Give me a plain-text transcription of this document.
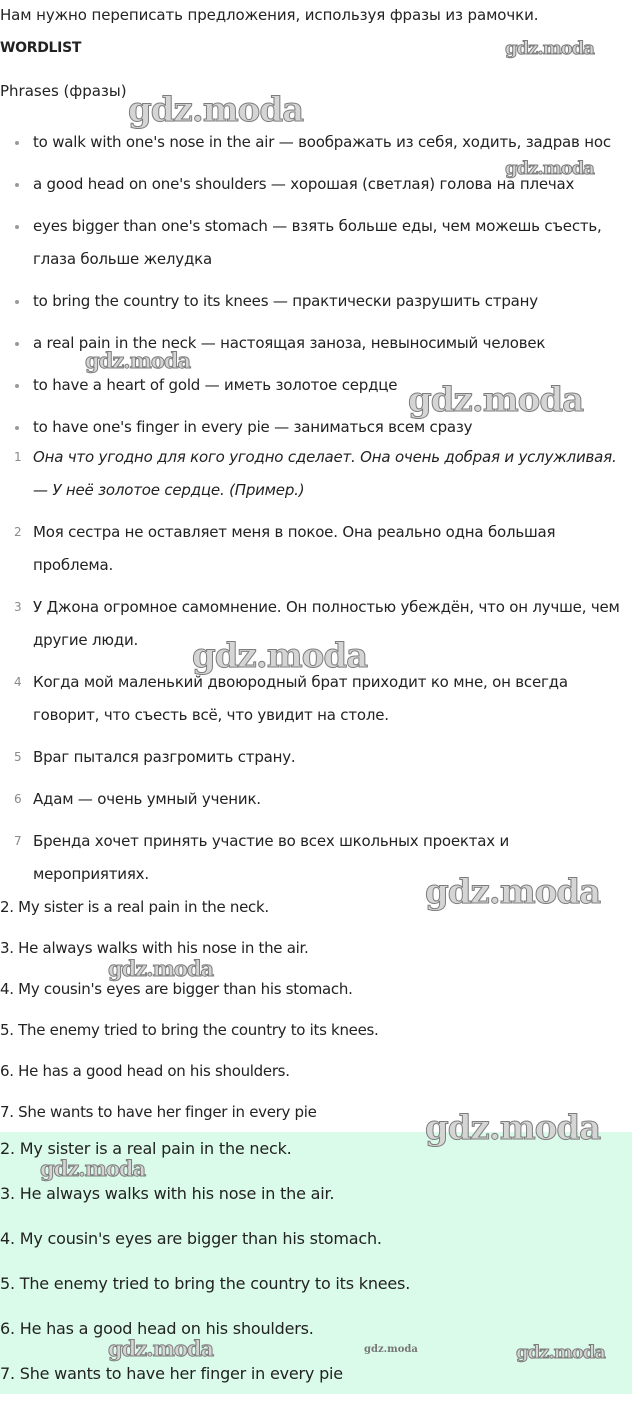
Нам нужно переписать предложения, используя фразы из рамочки.
WORDLIST
Phrases (фразы)
to walk with one's nose in the air — воображать из себя, ходить, задрав нос
a good head on one's shoulders — хорошая (светлая) голова на плечах
eyes bigger than one's stomach — взять больше еды, чем можешь съесть, глаза больше желудка
to bring the country to its knees — практически разрушить страну
a real pain in the neck — настоящая заноза, невыносимый человек
to have a heart of gold — иметь золотое сердце
to have one's finger in every pie — заниматься всем сразу
1 Она что угодно для кого угодно сделает. Она очень добрая и услужливая. — У неё золотое сердце. (Пример.)
2 Моя сестра не оставляет меня в покое. Она реально одна большая проблема.
3 У Джона огромное самомнение. Он полностью убеждён, что он лучше, чем другие люди.
4 Когда мой маленький двоюродный брат приходит ко мне, он всегда говорит, что съесть всё, что увидит на столе.
5 Враг пытался разгромить страну.
6 Адам — очень умный ученик.
7 Бренда хочет принять участие во всех школьных проектах и мероприятиях.
2. My sister is a real pain in the neck.
3. He always walks with his nose in the air.
4. My cousin's eyes are bigger than his stomach.
5. The enemy tried to bring the country to its knees.
6. He has a good head on his shoulders.
7. She wants to have her finger in every pie
2. My sister is a real pain in the neck.
3. He always walks with his nose in the air.
4. My cousin's eyes are bigger than his stomach.
5. The enemy tried to bring the country to its knees.
6. He has a good head on his shoulders.
7. She wants to have her finger in every pie
gdz.moda
gdz.moda
gdz.moda
gdz.moda
gdz.moda
gdz.moda
gdz.moda
gdz.moda
gdz.moda
gdz.moda
gdz.moda	gdz.moda	gdz.moda
